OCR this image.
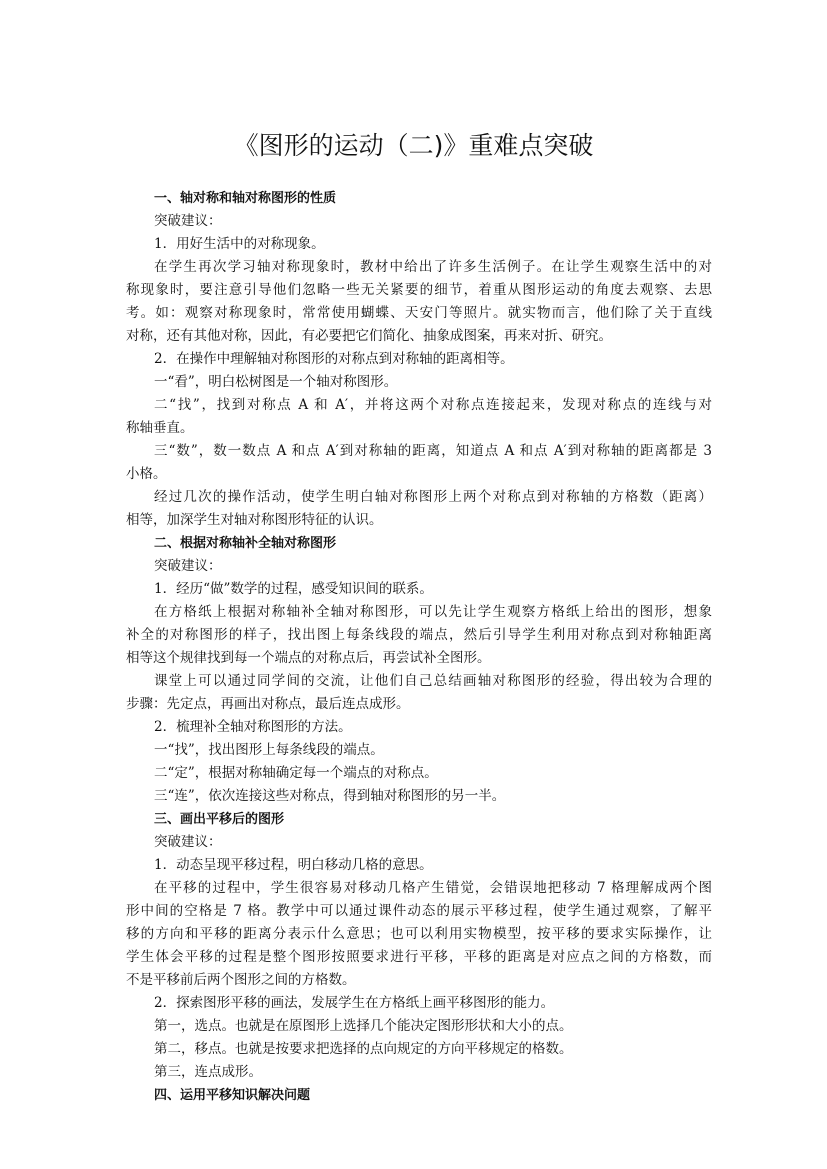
《图形的运动（二)》重难点突破
一、轴对称和轴对称图形的性质
突破建议：
1．用好生活中的对称现象。
在学生再次学习轴对称现象时，教材中给出了许多生活例子。在让学生观察生活中的对
称现象时，要注意引导他们忽略一些无关紧要的细节，着重从图形运动的角度去观察、去思
考。如：观察对称现象时，常常使用蝴蝶、天安门等照片。就实物而言，他们除了关于直线
对称，还有其他对称，因此，有必要把它们简化、抽象成图案，再来对折、研究。
2．在操作中理解轴对称图形的对称点到对称轴的距离相等。
一“看”，明白松树图是一个轴对称图形。
二“找”，找到对称点 A 和 A′，并将这两个对称点连接起来，发现对称点的连线与对
称轴垂直。
三“数”，数一数点 A 和点 A′到对称轴的距离，知道点 A 和点 A′到对称轴的距离都是 3
小格。
经过几次的操作活动，使学生明白轴对称图形上两个对称点到对称轴的方格数（距离）
相等，加深学生对轴对称图形特征的认识。
二、根据对称轴补全轴对称图形
突破建议：
1．经历“做”数学的过程，感受知识间的联系。
在方格纸上根据对称轴补全轴对称图形，可以先让学生观察方格纸上给出的图形，想象
补全的对称图形的样子，找出图上每条线段的端点，然后引导学生利用对称点到对称轴距离
相等这个规律找到每一个端点的对称点后，再尝试补全图形。
课堂上可以通过同学间的交流，让他们自己总结画轴对称图形的经验，得出较为合理的
步骤：先定点，再画出对称点，最后连点成形。
2．梳理补全轴对称图形的方法。
一“找”，找出图形上每条线段的端点。
二“定”，根据对称轴确定每一个端点的对称点。
三“连”，依次连接这些对称点，得到轴对称图形的另一半。
三、画出平移后的图形
突破建议：
1．动态呈现平移过程，明白移动几格的意思。
在平移的过程中，学生很容易对移动几格产生错觉，会错误地把移动 7 格理解成两个图
形中间的空格是 7 格。教学中可以通过课件动态的展示平移过程，使学生通过观察，了解平
移的方向和平移的距离分表示什么意思；也可以利用实物模型，按平移的要求实际操作，让
学生体会平移的过程是整个图形按照要求进行平移，平移的距离是对应点之间的方格数，而
不是平移前后两个图形之间的方格数。
2．探索图形平移的画法，发展学生在方格纸上画平移图形的能力。
第一，选点。也就是在原图形上选择几个能决定图形形状和大小的点。
第二，移点。也就是按要求把选择的点向规定的方向平移规定的格数。
第三，连点成形。
四、运用平移知识解决问题
